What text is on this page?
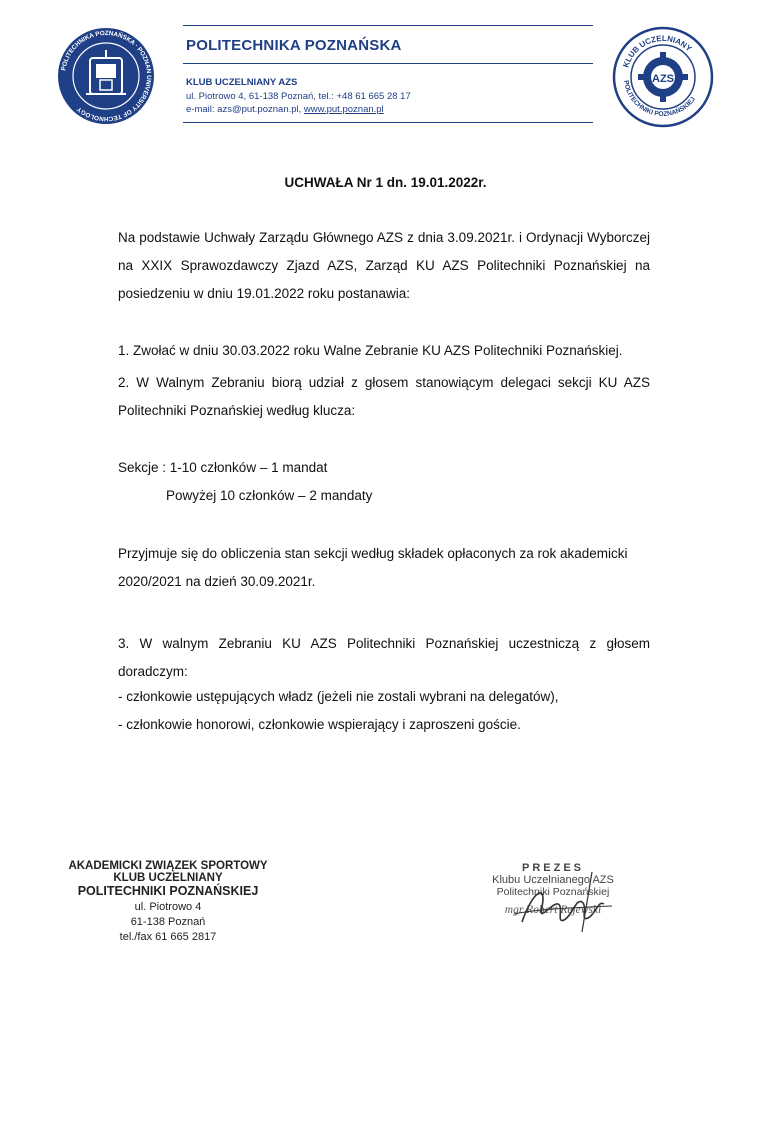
POLITECHNIKA POZNAŃSKA · POZNAN UNIVERSITY OF TECHNOLOGY
POLITECHNIKA POZNAŃSKA
KLUB UCZELNIANY AZS
ul. Piotrowo 4, 61-138 Poznań, tel.: +48 61 665 28 17
e-mail: azs@put.poznan.pl, www.put.poznan.pl
KLUB UCZELNIANY
POLITECHNIKI POZNAŃSKIEJ
AZS
UCHWAŁA Nr 1 dn. 19.01.2022r.
Na podstawie Uchwały Zarządu Głównego AZS z dnia 3.09.2021r. i Ordynacji Wyborczej na XXIX Sprawozdawczy Zjazd AZS, Zarząd KU AZS Politechniki Poznańskiej na posiedzeniu w dniu 19.01.2022 roku postanawia:
1. Zwołać w dniu 30.03.2022 roku Walne Zebranie KU AZS Politechniki Poznańskiej.
2. W Walnym Zebraniu biorą udział z głosem stanowiącym delegaci sekcji KU AZS Politechniki Poznańskiej według klucza:
Sekcje : 1-10 członków – 1 mandat
Powyżej 10 członków – 2 mandaty
Przyjmuje się do obliczenia stan sekcji według składek opłaconych za rok akademicki 2020/2021 na dzień 30.09.2021r.
3. W walnym Zebraniu KU AZS Politechniki Poznańskiej uczestniczą z głosem doradczym:
- członkowie ustępujących władz (jeżeli nie zostali wybrani na delegatów),
- członkowie honorowi, członkowie wspierający i zaproszeni goście.
AKADEMICKI ZWIĄZEK SPORTOWY
KLUB UCZELNIANY
POLITECHNIKI POZNAŃSKIEJ
ul. Piotrowo 4
61-138 Poznań
tel./fax 61 665 2817
PREZES
Klubu Uczelnianego AZS
Politechniki Poznańskiej
mgr Robert Rejewski
